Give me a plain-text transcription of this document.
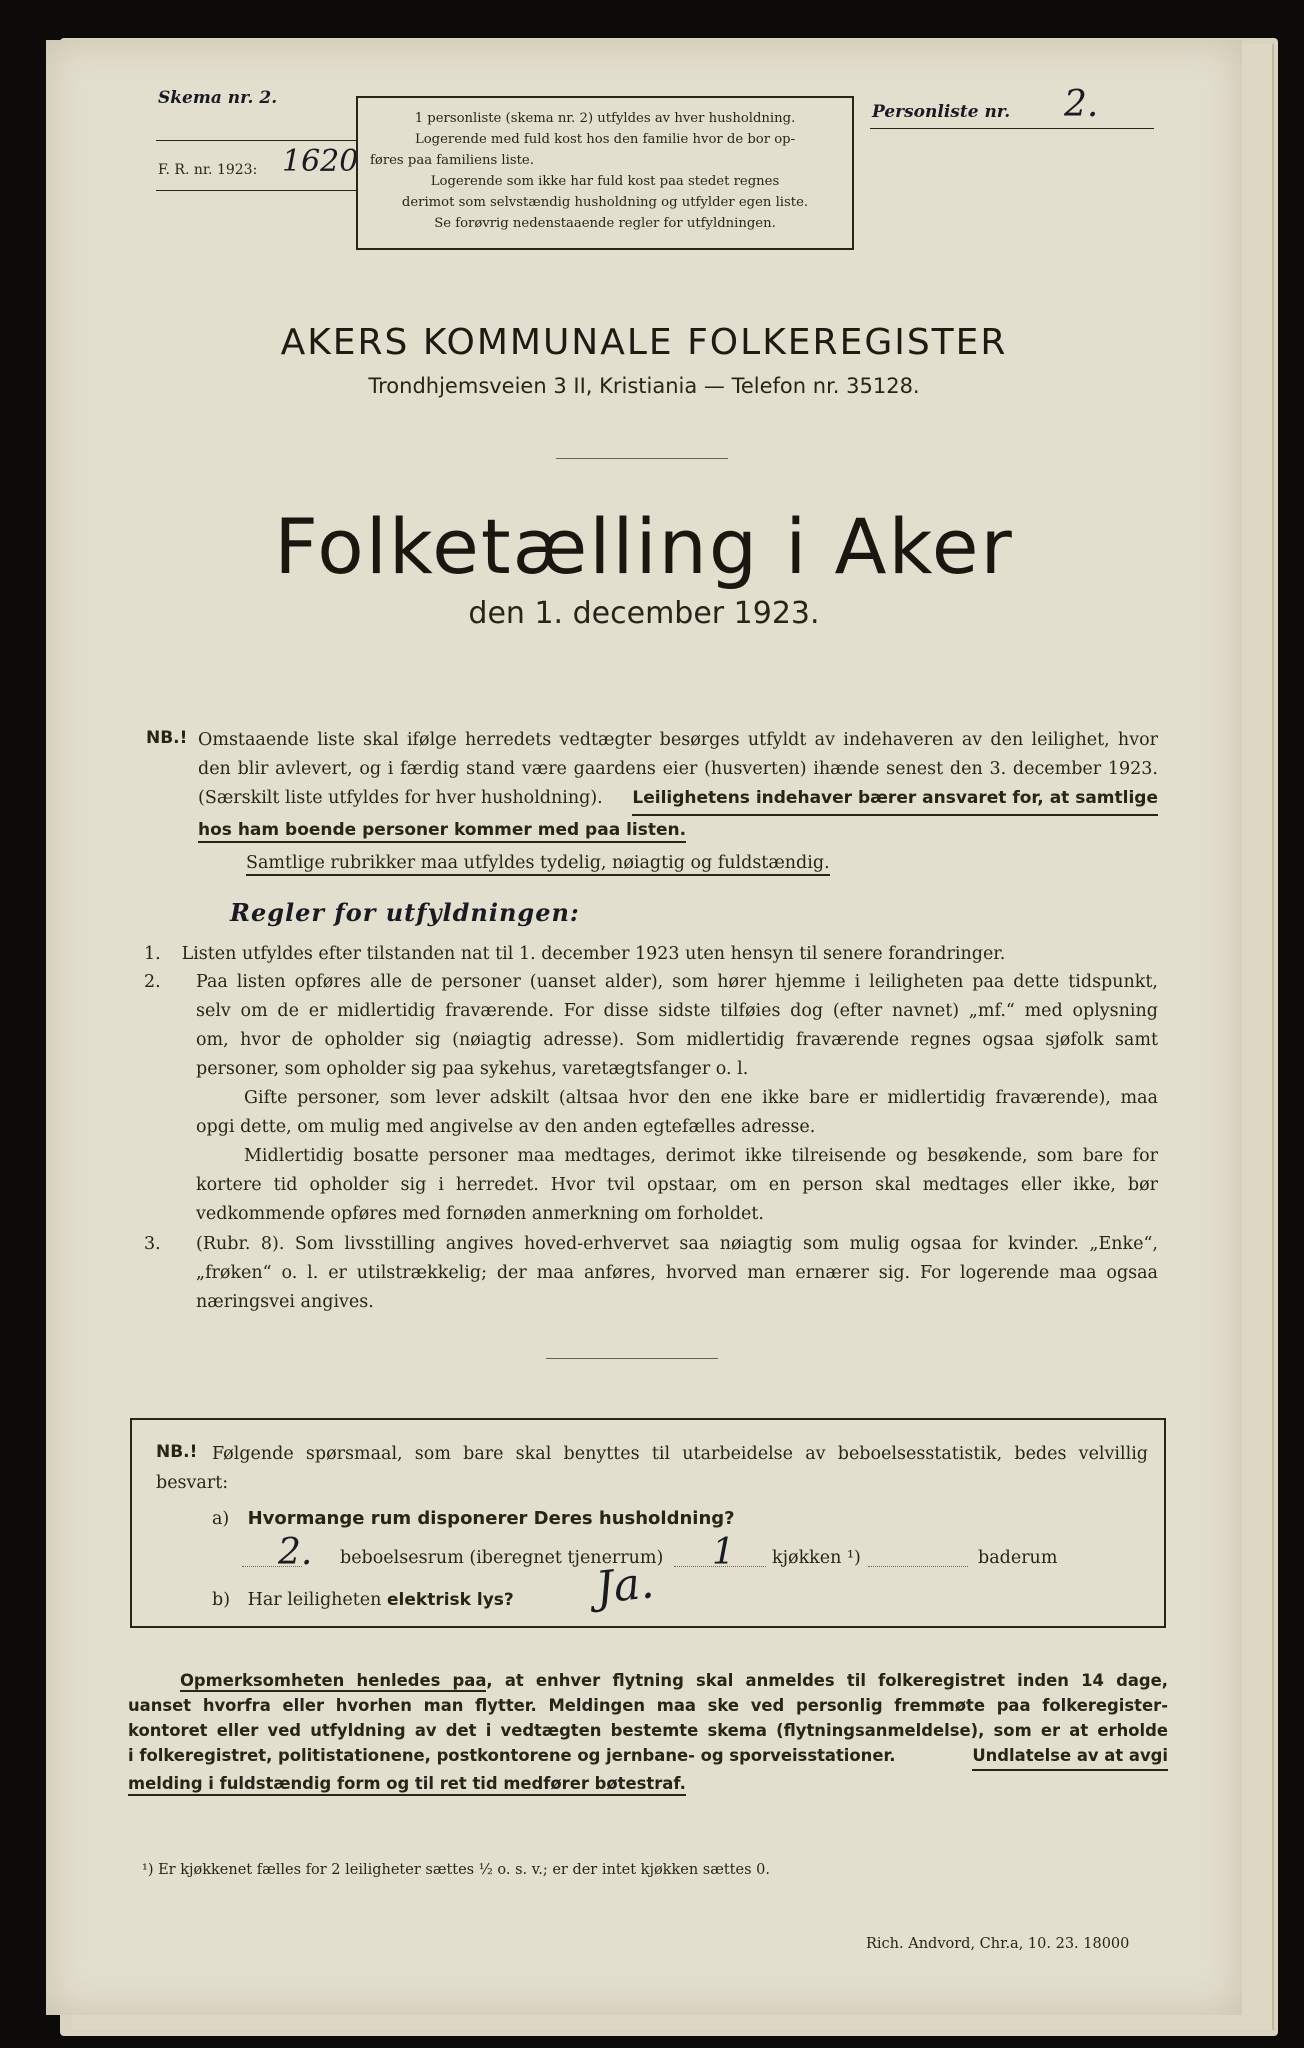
Skema nr. 2.
F. R. nr. 1923: 1620
1 personliste (skema nr. 2) utfyldes av hver husholdning.
Logerende med fuld kost hos den familie hvor de bor op-
føres paa familiens liste.
Logerende som ikke har fuld kost paa stedet regnes
derimot som selvstændig husholdning og utfylder egen liste.
Se forøvrig nedenstaaende regler for utfyldningen.
Personliste nr. 2.
AKERS KOMMUNALE FOLKEREGISTER
Trondhjemsveien 3 II, Kristiania — Telefon nr. 35128.
Folketælling i Aker
den 1. december 1923.
NB.! Omstaaende liste skal ifølge herredets vedtægter besørges utfyldt av indehaveren av den leilighet, hvor
den blir avlevert, og i færdig stand være gaardens eier (husverten) ihænde senest den 3. december 1923.
(Særskilt liste utfyldes for hver husholdning). Leilighetens indehaver bærer ansvaret for, at samtlige
hos ham boende personer kommer med paa listen.
Samtlige rubrikker maa utfyldes tydelig, nøiagtig og fuldstændig.
Regler for utfyldningen:
1. Listen utfyldes efter tilstanden nat til 1. december 1923 uten hensyn til senere forandringer.
2. Paa listen opføres alle de personer (uanset alder), som hører hjemme i leiligheten paa dette tidspunkt,
selv om de er midlertidig fraværende. For disse sidste tilføies dog (efter navnet) „mf.“ med oplysning
om, hvor de opholder sig (nøiagtig adresse). Som midlertidig fraværende regnes ogsaa sjøfolk samt
personer, som opholder sig paa sykehus, varetægtsfanger o. l.
Gifte personer, som lever adskilt (altsaa hvor den ene ikke bare er midlertidig fraværende), maa
opgi dette, om mulig med angivelse av den anden egtefælles adresse.
Midlertidig bosatte personer maa medtages, derimot ikke tilreisende og besøkende, som bare for
kortere tid opholder sig i herredet. Hvor tvil opstaar, om en person skal medtages eller ikke, bør
vedkommende opføres med fornøden anmerkning om forholdet.
3. (Rubr. 8). Som livsstilling angives hoved-erhvervet saa nøiagtig som mulig ogsaa for kvinder. „Enke“,
„frøken“ o. l. er utilstrækkelig; der maa anføres, hvorved man ernærer sig. For logerende maa ogsaa
næringsvei angives.
NB.! Følgende spørsmaal, som bare skal benyttes til utarbeidelse av beboelsesstatistik, bedes velvillig
besvart:
a) Hvormange rum disponerer Deres husholdning?
2. beboelsesrum (iberegnet tjenerrum) 1 kjøkken ¹)	baderum
b) Har leiligheten elektrisk lys? Ja.
Opmerksomheten henledes paa, at enhver flytning skal anmeldes til folkeregistret inden 14 dage,
uanset hvorfra eller hvorhen man flytter. Meldingen maa ske ved personlig fremmøte paa folkeregister-
kontoret eller ved utfyldning av det i vedtægten bestemte skema (flytningsanmeldelse), som er at erholde
i folkeregistret, politistationene, postkontorene og jernbane- og sporveisstationer.	Undlatelse av at avgi
melding i fuldstændig form og til ret tid medfører bøtestraf.
¹) Er kjøkkenet fælles for 2 leiligheter sættes ½ o. s. v.; er der intet kjøkken sættes 0.
Rich. Andvord, Chr.a, 10. 23. 18000
